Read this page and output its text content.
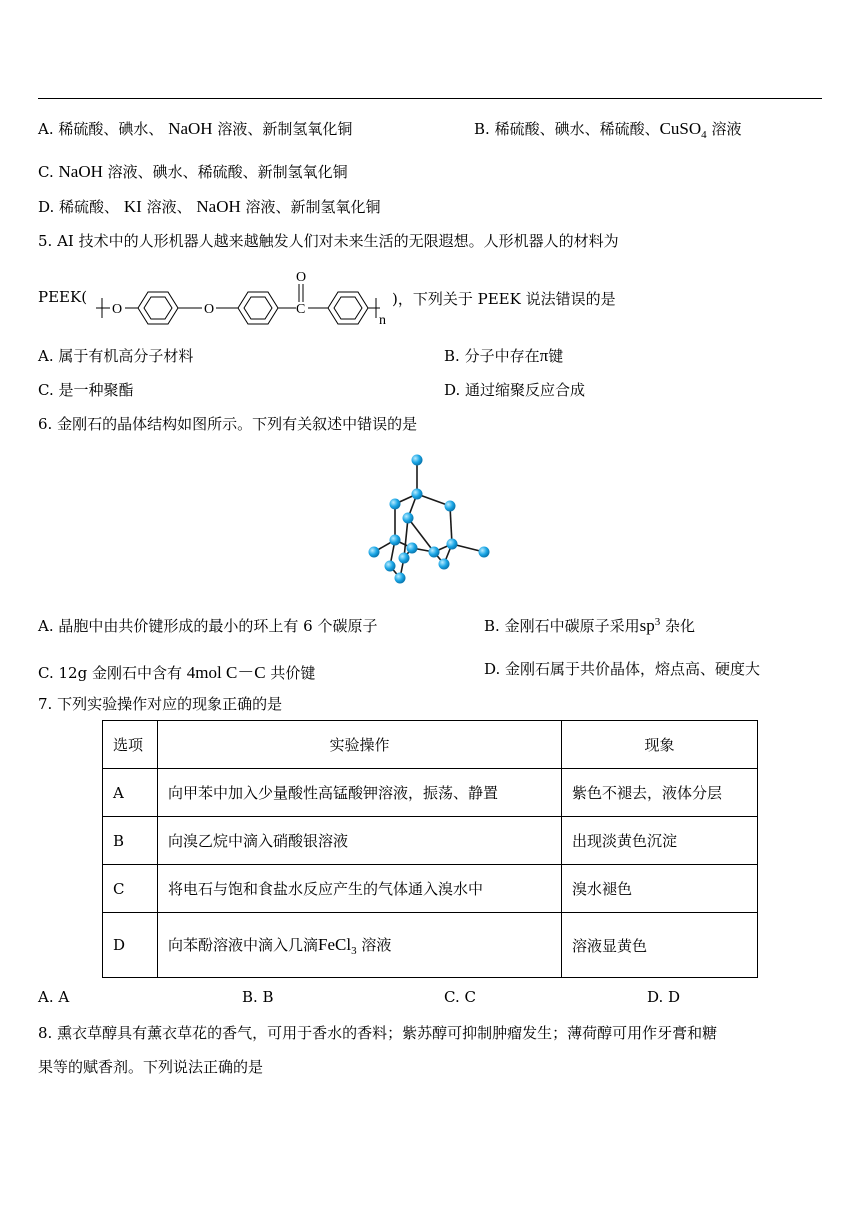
A. 稀硫酸、碘水、 NaOH 溶液、新制氢氧化铜	B. 稀硫酸、碘水、稀硫酸、CuSO$_4$ 溶液
C. NaOH 溶液、碘水、稀硫酸、新制氢氧化铜
D. 稀硫酸、 KI 溶液、 NaOH 溶液、新制氢氧化铜
5. AI 技术中的人形机器人越来越触发人们对未来生活的无限遐想。人形机器人的材料为
PEEK(
O	O	C
O
n
)，下列关于 PEEK 说法错误的是
A. 属于有机高分子材料	B. 分子中存在π键
C. 是一种聚酯	D. 通过缩聚反应合成
6. 金刚石的晶体结构如图所示。下列有关叙述中错误的是
A. 晶胞中由共价键形成的最小的环上有 6 个碳原子	B. 金刚石中碳原子采用$sp^3$ 杂化
C. 12g 金刚石中含有 4mol C－C 共价键	D. 金刚石属于共价晶体，熔点高、硬度大
7. 下列实验操作对应的现象正确的是
选项	实验操作	现象
A	向甲苯中加入少量酸性高锰酸钾溶液，振荡、静置	紫色不褪去，液体分层
B	向溴乙烷中滴入硝酸银溶液	出现淡黄色沉淀
C	将电石与饱和食盐水反应产生的气体通入溴水中	溴水褪色
D	向苯酚溶液中滴入几滴FeCl$_3$ 溶液	溶液显黄色
A. A	B. B	C. C	D. D
8. 熏衣草醇具有薰衣草花的香气，可用于香水的香料；紫苏醇可抑制肿瘤发生；薄荷醇可用作牙膏和糖
果等的赋香剂。下列说法正确的是
